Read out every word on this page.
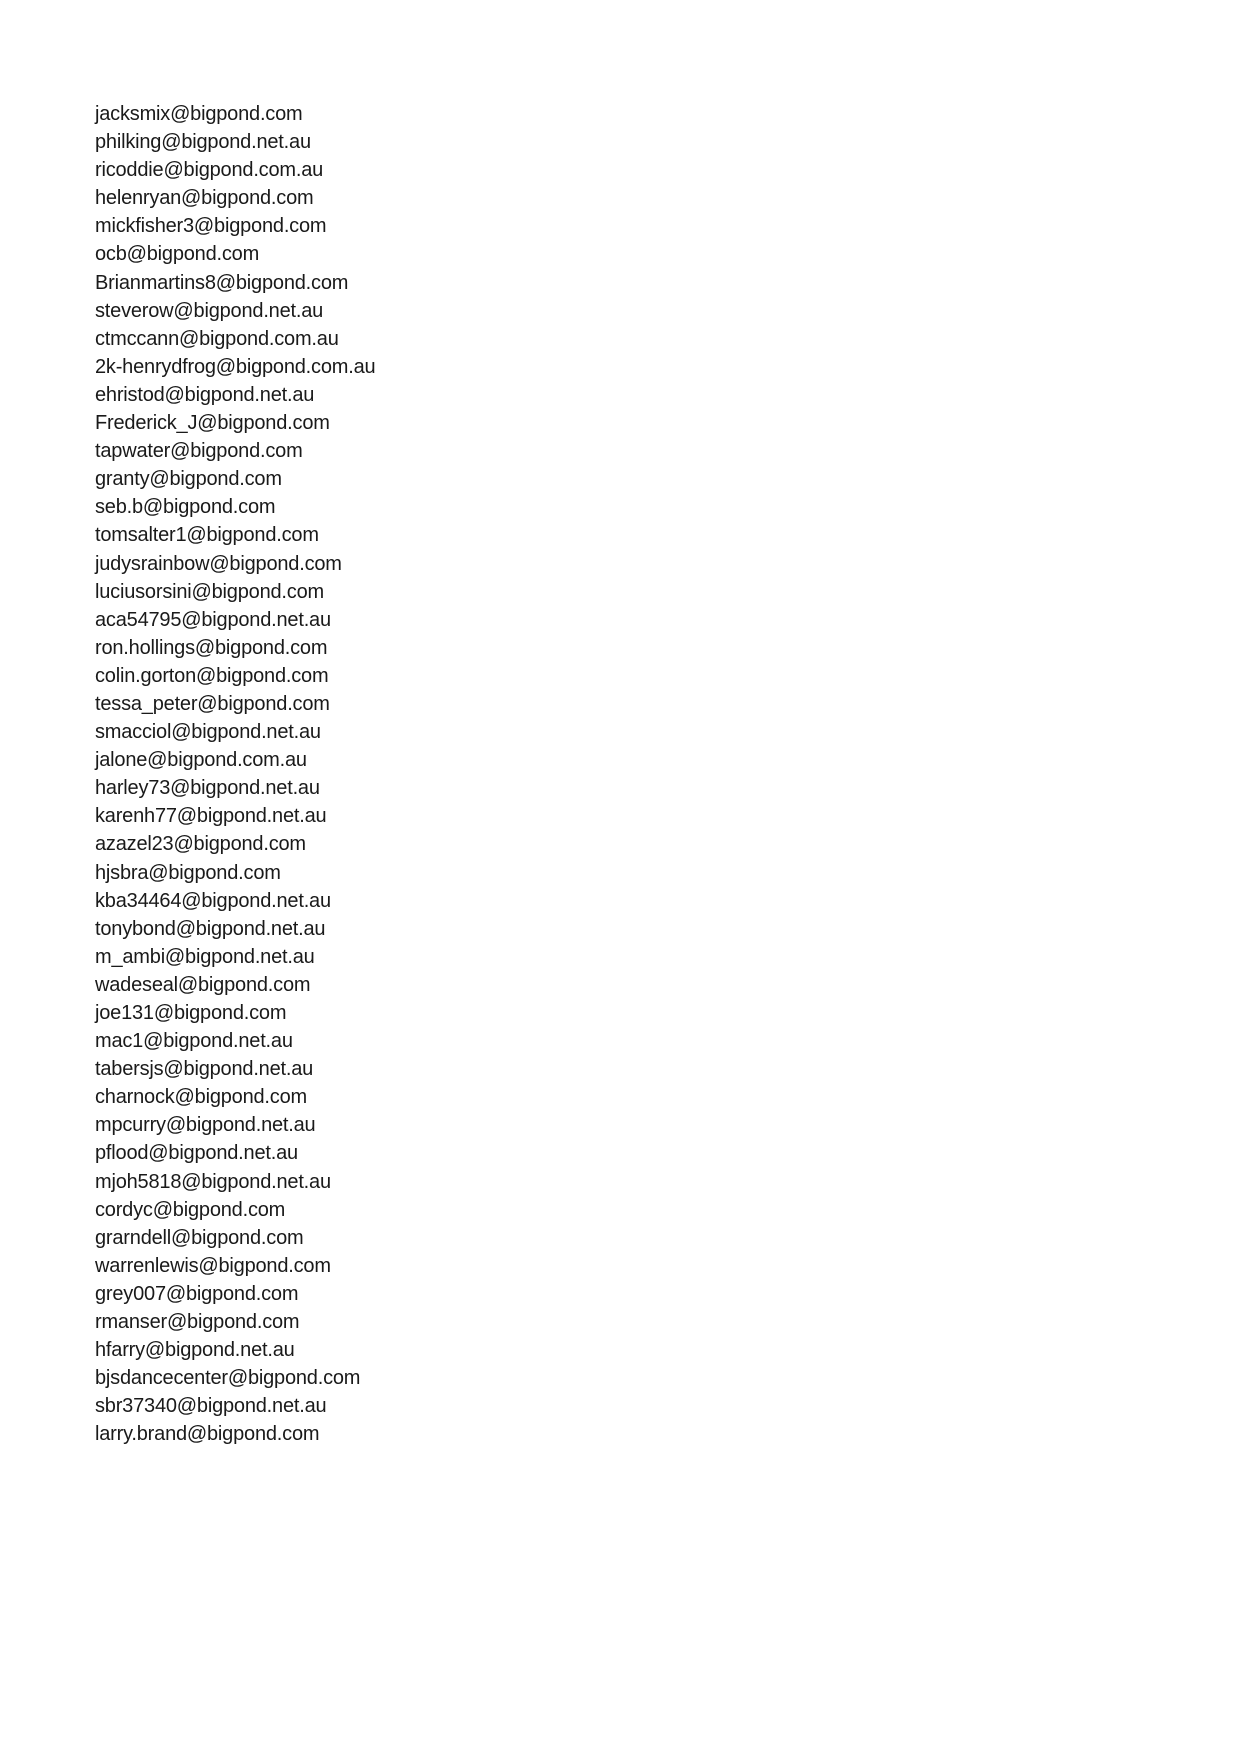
jacksmix@bigpond.com
philking@bigpond.net.au
ricoddie@bigpond.com.au
helenryan@bigpond.com
mickfisher3@bigpond.com
ocb@bigpond.com
Brianmartins8@bigpond.com
steverow@bigpond.net.au
ctmccann@bigpond.com.au
2k-henrydfrog@bigpond.com.au
ehristod@bigpond.net.au
Frederick_J@bigpond.com
tapwater@bigpond.com
granty@bigpond.com
seb.b@bigpond.com
tomsalter1@bigpond.com
judysrainbow@bigpond.com
luciusorsini@bigpond.com
aca54795@bigpond.net.au
ron.hollings@bigpond.com
colin.gorton@bigpond.com
tessa_peter@bigpond.com
smacciol@bigpond.net.au
jalone@bigpond.com.au
harley73@bigpond.net.au
karenh77@bigpond.net.au
azazel23@bigpond.com
hjsbra@bigpond.com
kba34464@bigpond.net.au
tonybond@bigpond.net.au
m_ambi@bigpond.net.au
wadeseal@bigpond.com
joe131@bigpond.com
mac1@bigpond.net.au
tabersjs@bigpond.net.au
charnock@bigpond.com
mpcurry@bigpond.net.au
pflood@bigpond.net.au
mjoh5818@bigpond.net.au
cordyc@bigpond.com
grarndell@bigpond.com
warrenlewis@bigpond.com
grey007@bigpond.com
rmanser@bigpond.com
hfarry@bigpond.net.au
bjsdancecenter@bigpond.com
sbr37340@bigpond.net.au
larry.brand@bigpond.com
